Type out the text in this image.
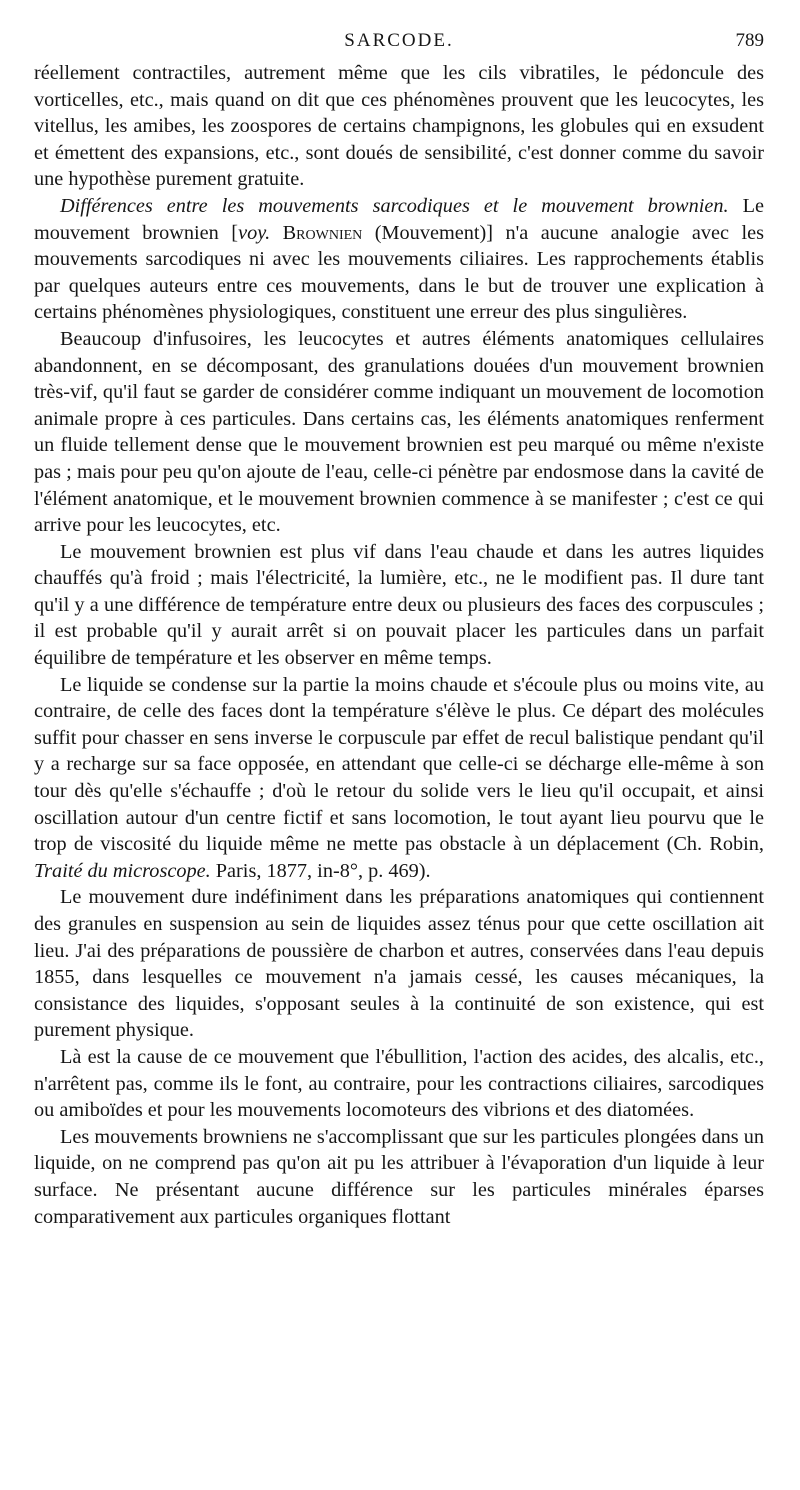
SARCODE.	789

réellement contractiles, autrement même que les cils vibratiles, le pédoncule des vorticelles, etc., mais quand on dit que ces phénomènes prouvent que les leucocytes, les vitellus, les amibes, les zoospores de certains champignons, les globules qui en exsudent et émettent des expansions, etc., sont doués de sensibilité, c'est donner comme du savoir une hypothèse purement gratuite.

Différences entre les mouvements sarcodiques et le mouvement brownien. Le mouvement brownien [voy. Brownien (Mouvement)] n'a aucune analogie avec les mouvements sarcodiques ni avec les mouvements ciliaires. Les rapprochements établis par quelques auteurs entre ces mouvements, dans le but de trouver une explication à certains phénomènes physiologiques, constituent une erreur des plus singulières.

Beaucoup d'infusoires, les leucocytes et autres éléments anatomiques cellulaires abandonnent, en se décomposant, des granulations douées d'un mouvement brownien très-vif, qu'il faut se garder de considérer comme indiquant un mouvement de locomotion animale propre à ces particules. Dans certains cas, les éléments anatomiques renferment un fluide tellement dense que le mouvement brownien est peu marqué ou même n'existe pas ; mais pour peu qu'on ajoute de l'eau, celle-ci pénètre par endosmose dans la cavité de l'élément anatomique, et le mouvement brownien commence à se manifester ; c'est ce qui arrive pour les leucocytes, etc.

Le mouvement brownien est plus vif dans l'eau chaude et dans les autres liquides chauffés qu'à froid ; mais l'électricité, la lumière, etc., ne le modifient pas. Il dure tant qu'il y a une différence de température entre deux ou plusieurs des faces des corpuscules ; il est probable qu'il y aurait arrêt si on pouvait placer les particules dans un parfait équilibre de température et les observer en même temps.

Le liquide se condense sur la partie la moins chaude et s'écoule plus ou moins vite, au contraire, de celle des faces dont la température s'élève le plus. Ce départ des molécules suffit pour chasser en sens inverse le corpuscule par effet de recul balistique pendant qu'il y a recharge sur sa face opposée, en attendant que celle-ci se décharge elle-même à son tour dès qu'elle s'échauffe ; d'où le retour du solide vers le lieu qu'il occupait, et ainsi oscillation autour d'un centre fictif et sans locomotion, le tout ayant lieu pourvu que le trop de viscosité du liquide même ne mette pas obstacle à un déplacement (Ch. Robin, Traité du microscope. Paris, 1877, in-8°, p. 469).

Le mouvement dure indéfiniment dans les préparations anatomiques qui contiennent des granules en suspension au sein de liquides assez ténus pour que cette oscillation ait lieu. J'ai des préparations de poussière de charbon et autres, conservées dans l'eau depuis 1855, dans lesquelles ce mouvement n'a jamais cessé, les causes mécaniques, la consistance des liquides, s'opposant seules à la continuité de son existence, qui est purement physique.

Là est la cause de ce mouvement que l'ébullition, l'action des acides, des alcalis, etc., n'arrêtent pas, comme ils le font, au contraire, pour les contractions ciliaires, sarcodiques ou amiboïdes et pour les mouvements locomoteurs des vibrions et des diatomées.

Les mouvements browniens ne s'accomplissant que sur les particules plongées dans un liquide, on ne comprend pas qu'on ait pu les attribuer à l'évaporation d'un liquide à leur surface. Ne présentant aucune différence sur les particules minérales éparses comparativement aux particules organiques flottant
